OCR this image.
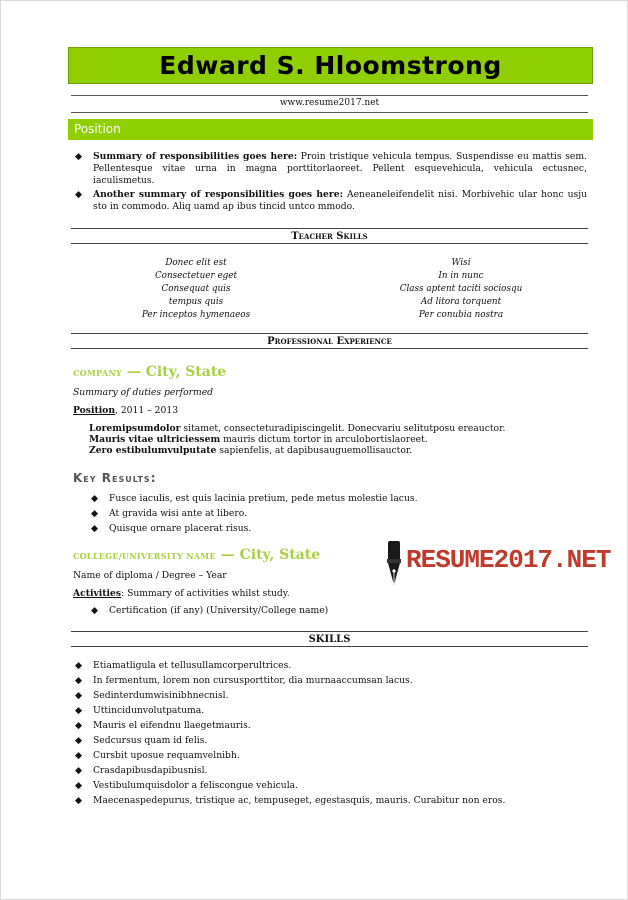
Edward S. Hloomstrong
www.resume2017.net
Position
◆ Summary of responsibilities goes here: Proin tristique vehicula tempus. Suspendisse eu mattis sem. Pellentesque vitae urna in magna porttitorlaoreet. Pellent esquevehicula, vehicula ectusnec, iaculismetus.
◆ Another summary of responsibilities goes here: Aeneaneleifendelit nisi. Morbivehic ular honc usju sto in commodo. Aliq uamd ap ibus tincid untco mmodo.
Teacher Skills
Donec elit est
Consectetuer eget
Consequat quis
tempus quis
Per inceptos hymenaeos
Wisi
In in nunc
Class aptent taciti sociosqu
Ad litora torquent
Per conubia nostra
Professional Experience
COMPANY — City, State
Summary of duties performed
Position, 2011 – 2013
Loremipsumdolor sitamet, consecteturadipiscingelit. Donecvariu selitutposu ereauctor.
Mauris vitae ultriciessem mauris dictum tortor in arculobortislaoreet.
Zero estibulumvulputate sapienfelis, at dapibusauguemollisauctor.
Key Results:
◆ Fusce iaculis, est quis lacinia pretium, pede metus molestie lacus.
◆ At gravida wisi ante at libero.
◆ Quisque ornare placerat risus.
COLLEGE/UNIVERSITY NAME — City, State
Name of diploma / Degree – Year
Activities: Summary of activities whilst study.
◆ Certification (if any) (University/College name)
RESUME2017.NET
SKILLS
◆ Etiamatligula et tellusullamcorperultrices.
◆ In fermentum, lorem non cursusporttitor, dia murnaaccumsan lacus.
◆ Sedinterdumwisinibhnecnisl.
◆ Uttincidunvolutpatuma.
◆ Mauris el eifendnu llaegetmauris.
◆ Sedcursus quam id felis.
◆ Cursbit uposue requamvelnibh.
◆ Crasdapibusdapibusnisl.
◆ Vestibulumquisdolor a feliscongue vehicula.
◆ Maecenaspedepurus, tristique ac, tempuseget, egestasquis, mauris. Curabitur non eros.
